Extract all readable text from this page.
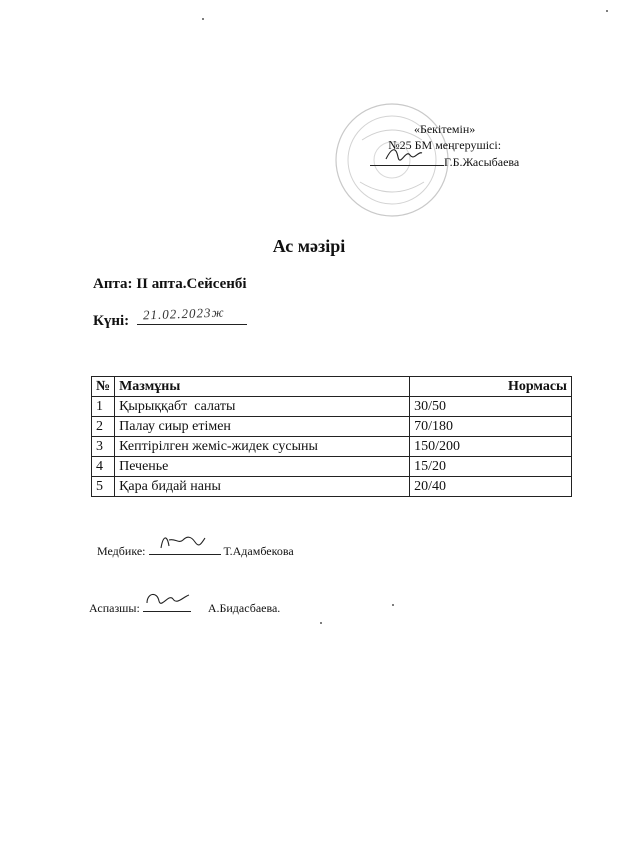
«Бекітемін»
№25 БМ меңгерушісі:
Г.Б.Жасыбаева
Ас мәзірі
Апта: II апта.Сейсенбі
Күні: 21.02.2023ж
№	Мазмұны	Нормасы
1	Қырыққабт  салаты	30/50
2	Палау сиыр етімен	70/180
3	Кептірілген жеміс-жидек сусыны	150/200
4	Печенье	15/20
5	Қара бидай наны	20/40
Медбике:	Т.Адамбекова
Аспазшы:	А.Бидасбаева.
